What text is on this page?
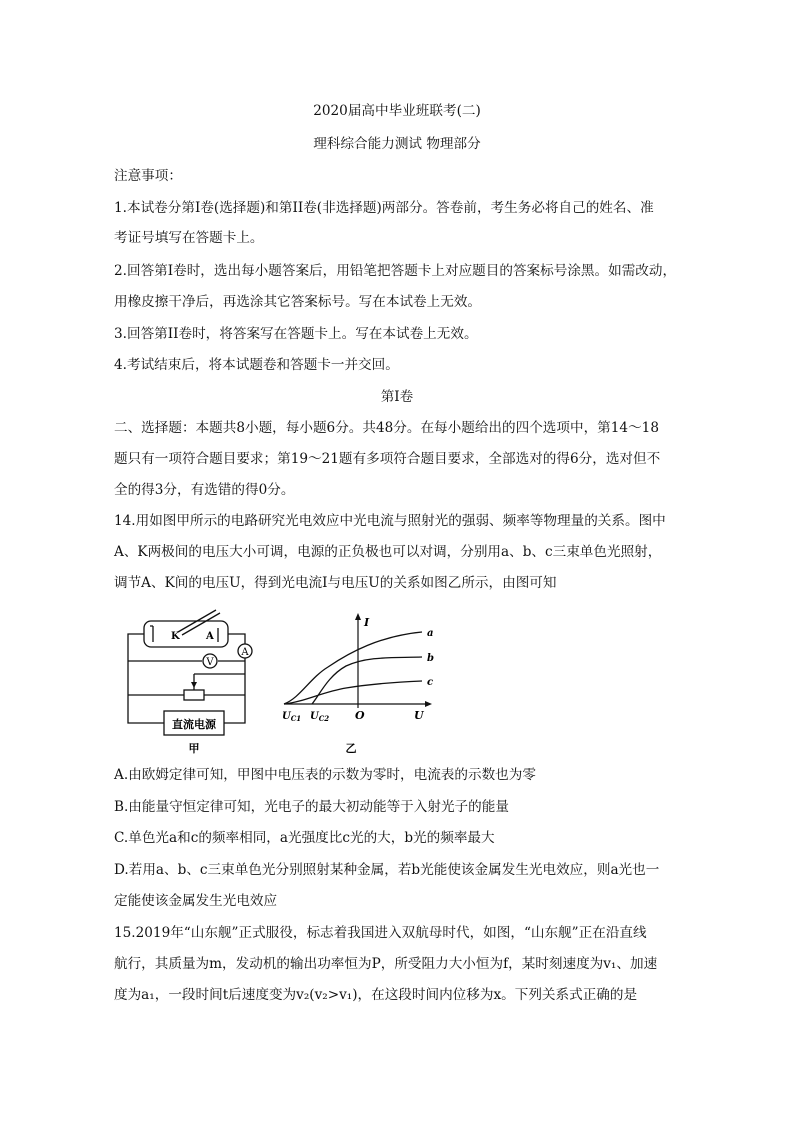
2020届高中毕业班联考(二)
理科综合能力测试 物理部分
注意事项：
1.本试卷分第I卷(选择题)和第II卷(非选择题)两部分。答卷前，考生务必将自己的姓名、准
考证号填写在答题卡上。
2.回答第I卷时，选出每小题答案后，用铅笔把答题卡上对应题目的答案标号涂黑。如需改动，
用橡皮擦干净后，再选涂其它答案标号。写在本试卷上无效。
3.回答第II卷时，将答案写在答题卡上。写在本试卷上无效。
4.考试结束后，将本试题卷和答题卡一并交回。
第I卷
二、选择题：本题共8小题，每小题6分。共48分。在每小题给出的四个选项中，第14～18
题只有一项符合题目要求；第19～21题有多项符合题目要求，全部选对的得6分，选对但不
全的得3分，有选错的得0分。
14.用如图甲所示的电路研究光电效应中光电流与照射光的强弱、频率等物理量的关系。图中
A、K两极间的电压大小可调，电源的正负极也可以对调，分别用a、b、c三束单色光照射，
调节A、K间的电压U，得到光电流I与电压U的关系如图乙所示，由图可知
A
V
K	A
直流电源
甲
I
U
O
$U_{C1}$ $U_{C2}$
a
b
c
乙
A.由欧姆定律可知，甲图中电压表的示数为零时，电流表的示数也为零
B.由能量守恒定律可知，光电子的最大初动能等于入射光子的能量
C.单色光a和c的频率相同，a光强度比c光的大，b光的频率最大
D.若用a、b、c三束单色光分别照射某种金属，若b光能使该金属发生光电效应，则a光也一
定能使该金属发生光电效应
15.2019年“山东舰”正式服役，标志着我国进入双航母时代，如图，“山东舰”正在沿直线
航行，其质量为m，发动机的输出功率恒为P，所受阻力大小恒为f，某时刻速度为v₁、加速
度为a₁，一段时间t后速度变为v₂(v₂>v₁)，在这段时间内位移为x。下列关系式正确的是
